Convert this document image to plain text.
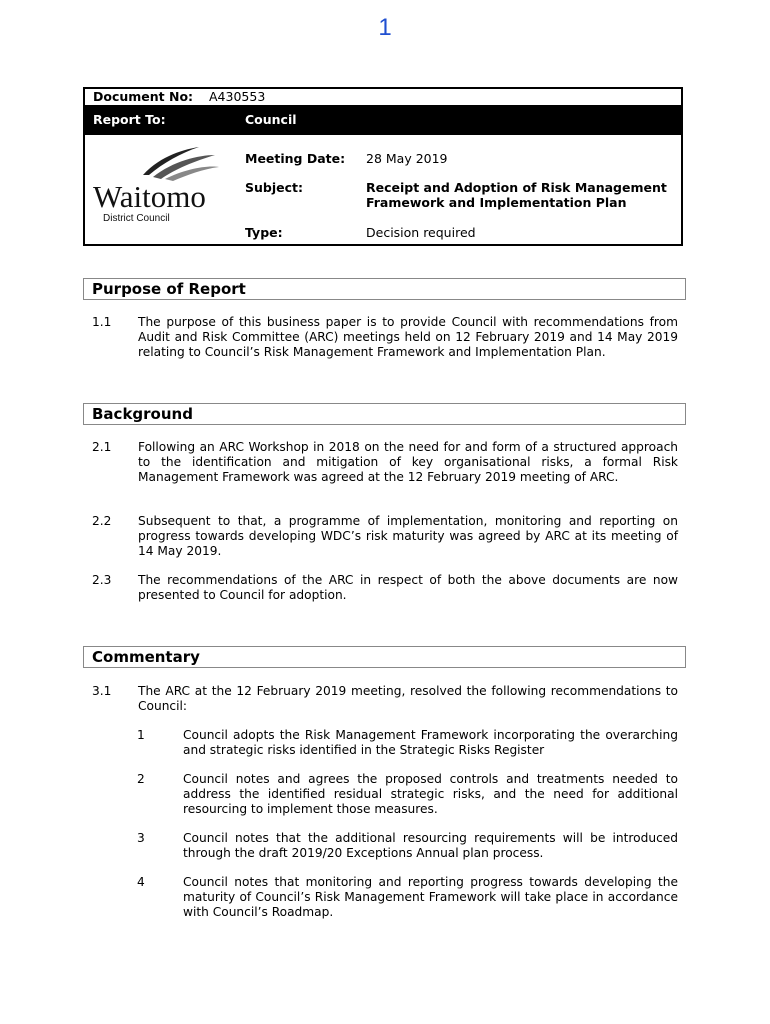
1
Document No: A430553
Report To:	Council
Waitomo
District Council
Meeting Date: 28 May 2019
Subject:	Receipt and Adoption of Risk Management
Framework and Implementation Plan
Type:	Decision required
Purpose of Report
1.1 The purpose of this business paper is to provide Council with recommendations from Audit and Risk Committee (ARC) meetings held on 12 February 2019 and 14 May 2019 relating to Council’s Risk Management Framework and Implementation Plan.
Background
2.1 Following an ARC Workshop in 2018 on the need for and form of a structured approach to the identification and mitigation of key organisational risks, a formal Risk Management Framework was agreed at the 12 February 2019 meeting of ARC.
2.2 Subsequent to that, a programme of implementation, monitoring and reporting on progress towards developing WDC’s risk maturity was agreed by ARC at its meeting of 14 May 2019.
2.3 The recommendations of the ARC in respect of both the above documents are now presented to Council for adoption.
Commentary
3.1 The ARC at the 12 February 2019 meeting, resolved the following recommendations to Council:
1	Council adopts the Risk Management Framework incorporating the overarching and strategic risks identified in the Strategic Risks Register
2	Council notes and agrees the proposed controls and treatments needed to address the identified residual strategic risks, and the need for additional resourcing to implement those measures.
3	Council notes that the additional resourcing requirements will be introduced through the draft 2019/20 Exceptions Annual plan process.
4	Council notes that monitoring and reporting progress towards developing the maturity of Council’s Risk Management Framework will take place in accordance with Council’s Roadmap.
